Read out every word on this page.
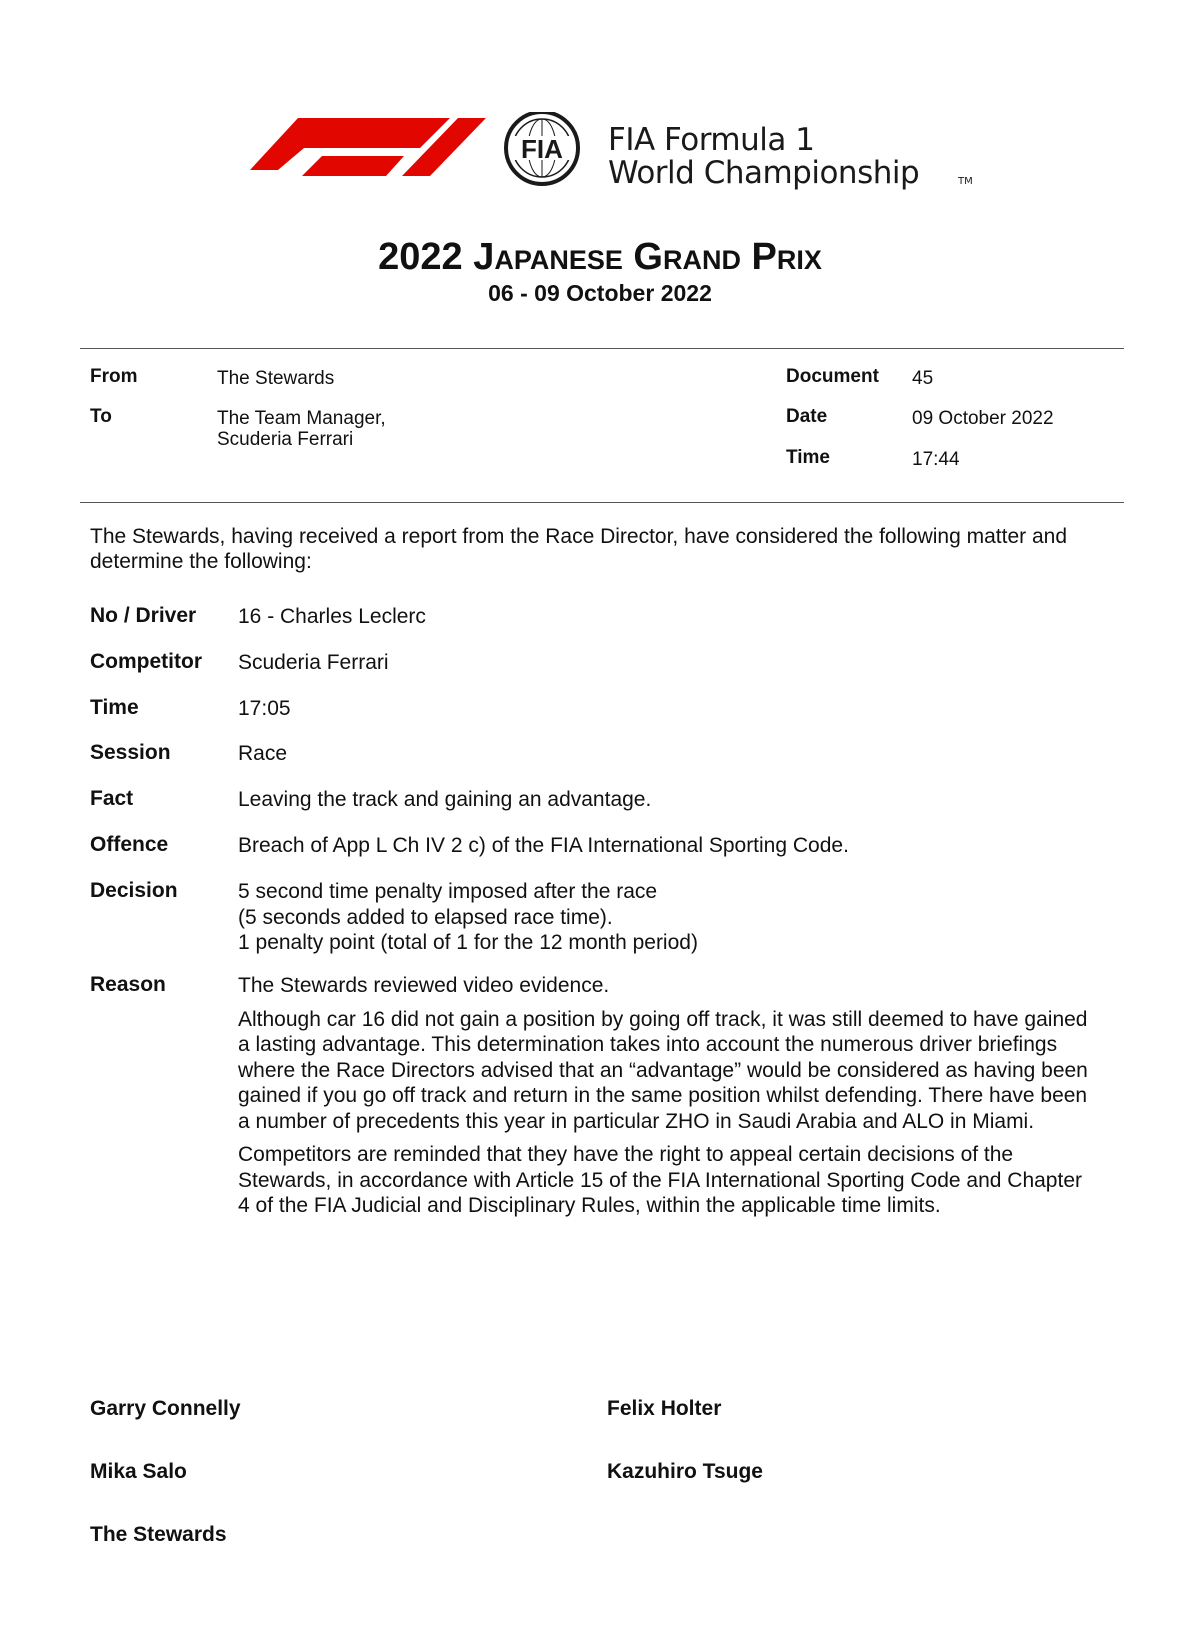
FIA FIA Formula 1
World Championship	TM
2022 Japanese Grand Prix
06 - 09 October 2022
From	The Stewards
To	The Team Manager,
Scuderia Ferrari
Document 45
Date	09 October 2022
Time	17:44
The Stewards, having received a report from the Race Director, have considered the following matter and determine the following:
No / Driver 16 - Charles Leclerc
Competitor Scuderia Ferrari
Time	17:05
Session	Race
Fact	Leaving the track and gaining an advantage.
Offence	Breach of App L Ch IV 2 c) of the FIA International Sporting Code.
Decision	5 second time penalty imposed after the race
(5 seconds added to elapsed race time).
1 penalty point (total of 1 for the 12 month period)
Reason	The Stewards reviewed video evidence.

Although car 16 did not gain a position by going off track, it was still deemed to have gained a lasting advantage. This determination takes into account the numerous driver briefings where the Race Directors advised that an “advantage” would be considered as having been gained if you go off track and return in the same position whilst defending. There have been a number of precedents this year in particular ZHO in Saudi Arabia and ALO in Miami.

Competitors are reminded that they have the right to appeal certain decisions of the Stewards, in accordance with Article 15 of the FIA International Sporting Code and Chapter 4 of the FIA Judicial and Disciplinary Rules, within the applicable time limits.

Garry Connelly	Felix Holter
Mika Salo	Kazuhiro Tsuge
The Stewards
